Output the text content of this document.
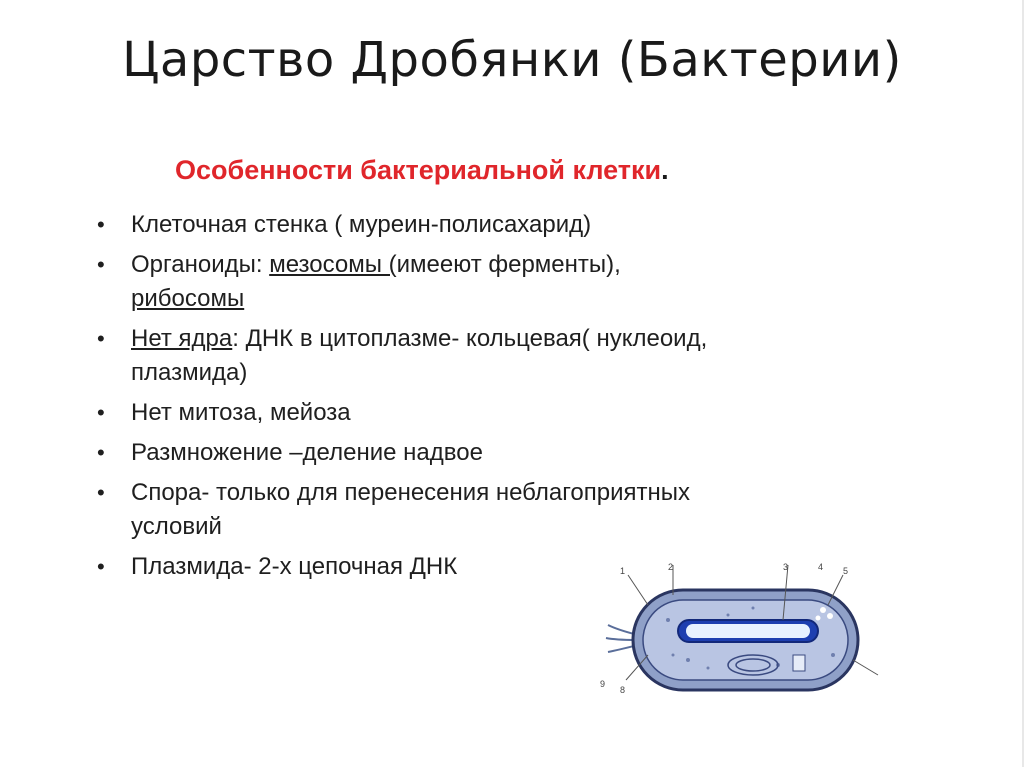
Царство Дробянки (Бактерии)
Особенности бактериальной клетки.
• Клеточная стенка ( муреин-полисахарид)
• Органоиды: мезосомы (имееют ферменты),
рибосомы
• Нет ядра: ДНК в цитоплазме- кольцевая( нуклеоид,
плазмида)
• Нет митоза, мейоза
• Размножение –деление надвое
• Спора- только для перенесения неблагоприятных
условий
• Плазмида- 2-х цепочная ДНК	1	2	3	4 5
8
9
